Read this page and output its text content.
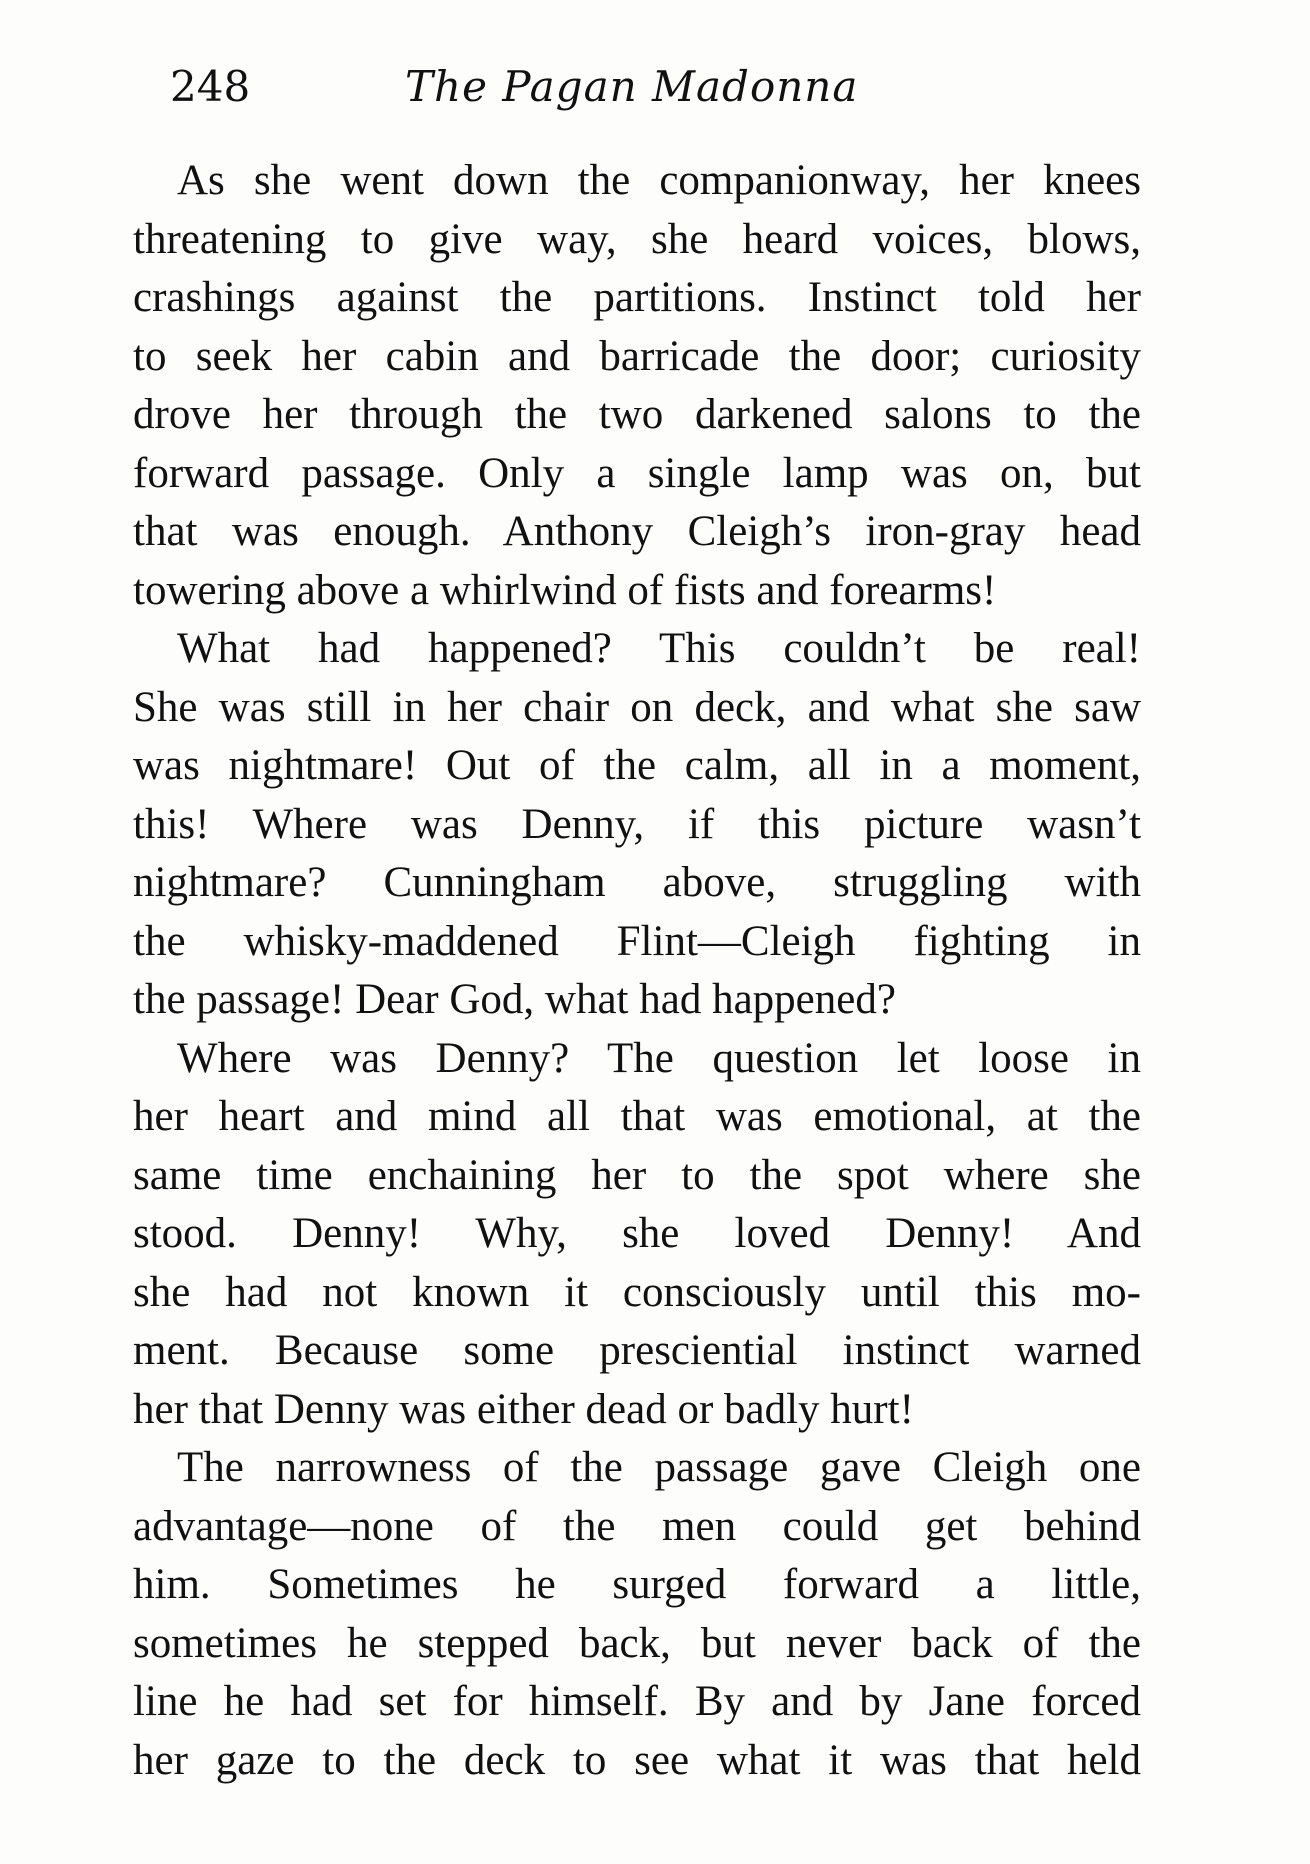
248	The Pagan Madonna
As she went down the companionway, her knees
threatening to give way, she heard voices, blows,
crashings against the partitions. Instinct told her
to seek her cabin and barricade the door; curiosity
drove her through the two darkened salons to the
forward passage. Only a single lamp was on, but
that was enough. Anthony Cleigh’s iron-gray head
towering above a whirlwind of fists and forearms!
What had happened? This couldn’t be real!
She was still in her chair on deck, and what she saw
was nightmare! Out of the calm, all in a moment,
this! Where was Denny, if this picture wasn’t
nightmare? Cunningham above, struggling with
the whisky-maddened Flint—Cleigh fighting in
the passage! Dear God, what had happened?
Where was Denny? The question let loose in
her heart and mind all that was emotional, at the
same time enchaining her to the spot where she
stood. Denny! Why, she loved Denny! And
she had not known it consciously until this mo-
ment. Because some presciential instinct warned
her that Denny was either dead or badly hurt!
The narrowness of the passage gave Cleigh one
advantage—none of the men could get behind
him. Sometimes he surged forward a little,
sometimes he stepped back, but never back of the
line he had set for himself. By and by Jane forced
her gaze to the deck to see what it was that held
